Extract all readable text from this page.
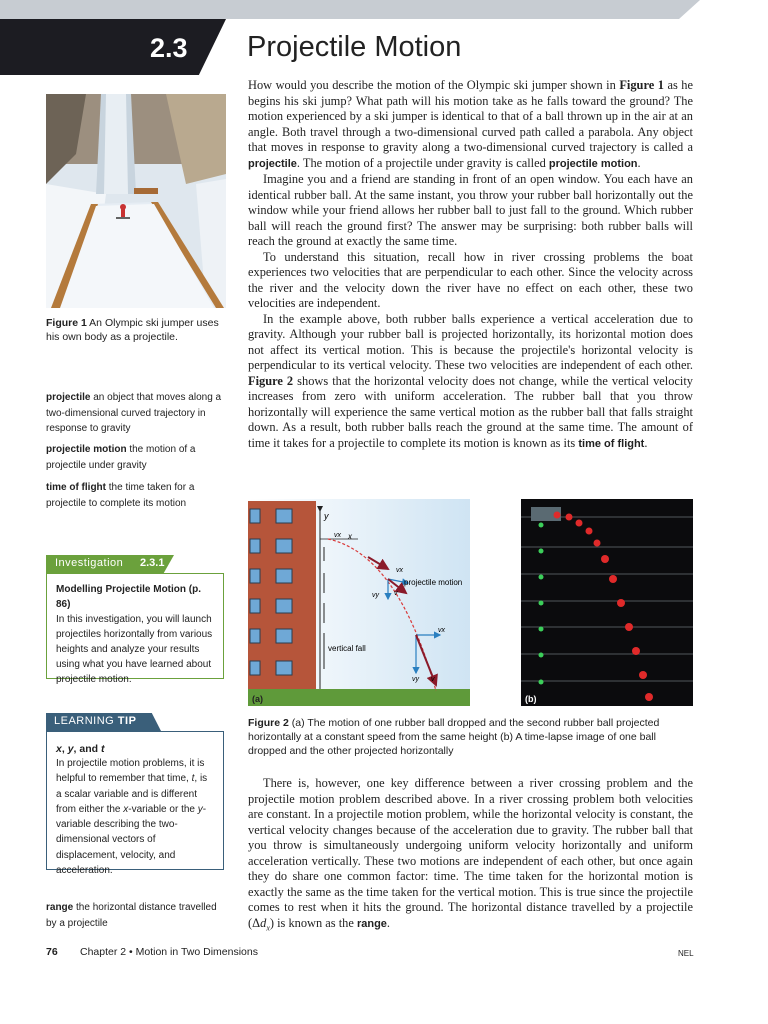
2.3 Projectile Motion

How would you describe the motion of the Olympic ski jumper shown in Figure 1 as he begins his ski jump? What path will his motion take as he falls toward the ground? The motion experienced by a ski jumper is identical to that of a ball thrown up in the air at an angle. Both travel through a two-dimensional curved path called a parabola. Any object that moves in response to gravity along a two-dimensional curved trajectory is called a projectile. The motion of a projectile under gravity is called projectile motion.

Imagine you and a friend are standing in front of an open window. You each have an identical rubber ball. At the same instant, you throw your rubber ball horizontally out the window while your friend allows her rubber ball to just fall to the ground. Which rubber ball will reach the ground first? The answer may be surprising: both rubber balls will reach the ground at exactly the same time.

To understand this situation, recall how in river crossing problems the boat experiences two velocities that are perpendicular to each other. Since the velocity across the river and the velocity down the river have no effect on each other, these two velocities are independent.

In the example above, both rubber balls experience a vertical acceleration due to gravity. Although your rubber ball is projected horizontally, its horizontal motion does not affect its vertical motion. This is because the projectile's horizontal velocity is perpendicular to its vertical velocity. These two velocities are independent of each other. Figure 2 shows that the horizontal velocity does not change, while the vertical velocity increases from zero with uniform acceleration. The rubber ball that you throw horizontally will experience the same vertical motion as the rubber ball that falls straight down. As a result, both rubber balls reach the ground at the same time. The amount of time it takes for a projectile to complete its motion is known as its time of flight.

Figure 1 An Olympic ski jumper uses his own body as a projectile.
projectile an object that moves along a two-dimensional curved trajectory in response to gravity
projectile motion the motion of a projectile under gravity
time of flight the time taken for a projectile to complete its motion
Investigation 2.3.1
Modelling Projectile Motion (p. 86)
In this investigation, you will launch projectiles horizontally from various heights and analyze your results using what you have learned about projectile motion.
LEARNING TIP
x, y, and t
In projectile motion problems, it is helpful to remember that time, t, is a scalar variable and is different from either the x-variable or the y-variable describing the two-dimensional vectors of displacement, velocity, and acceleration.
range the horizontal distance travelled by a projectile
y
x
vx
vx
vy v
projectile motion
vx
vy v
vertical fall
(a)	(b)
Figure 2 (a) The motion of one rubber ball dropped and the second rubber ball projected horizontally at a constant speed from the same height (b) A time-lapse image of one ball dropped and the other projected horizontally

There is, however, one key difference between a river crossing problem and the projectile motion problem described above. In a river crossing problem both velocities are constant. In a projectile motion problem, while the horizontal velocity is constant, the vertical velocity changes because of the acceleration due to gravity. The rubber ball that you throw is simultaneously undergoing uniform velocity horizontally and uniform acceleration vertically. These two motions are independent of each other, but once again they do share one common factor: time. The time taken for the horizontal motion is exactly the same as the time taken for the vertical motion. This is true since the projectile comes to rest when it hits the ground. The horizontal distance travelled by a projectile $(\Delta d_x)$ is known as the range.

76 Chapter 2 • Motion in Two Dimensions	NEL
